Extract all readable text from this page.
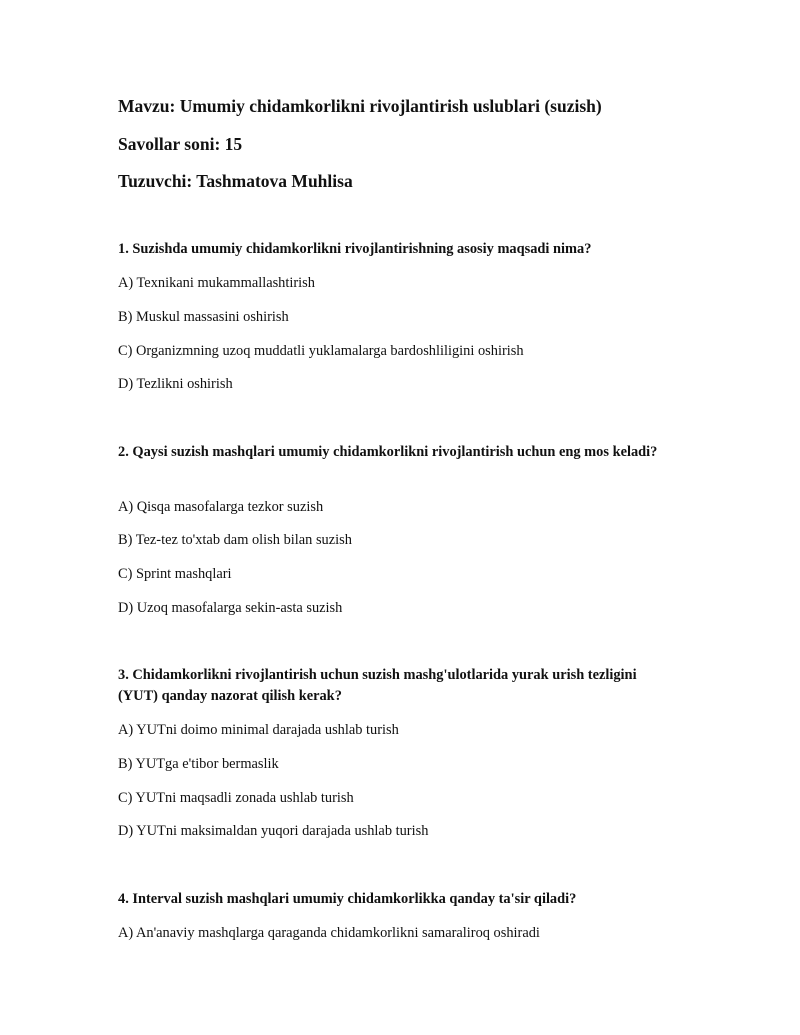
Mavzu: Umumiy chidamkorlikni rivojlantirish uslublari (suzish)
Savollar soni: 15
Tuzuvchi: Tashmatova Muhlisa
1. Suzishda umumiy chidamkorlikni rivojlantirishning asosiy maqsadi nima?
A) Texnikani mukammallashtirish
B) Muskul massasini oshirish
C) Organizmning uzoq muddatli yuklamalarga bardoshliligini oshirish
D) Tezlikni oshirish
2. Qaysi suzish mashqlari umumiy chidamkorlikni rivojlantirish uchun eng mos keladi?
A) Qisqa masofalarga tezkor suzish
B) Tez-tez to'xtab dam olish bilan suzish
C) Sprint mashqlari
D) Uzoq masofalarga sekin-asta suzish
3. Chidamkorlikni rivojlantirish uchun suzish mashg'ulotlarida yurak urish tezligini (YUT) qanday nazorat qilish kerak?
A) YUTni doimo minimal darajada ushlab turish
B) YUTga e'tibor bermaslik
C) YUTni maqsadli zonada ushlab turish
D) YUTni maksimaldan yuqori darajada ushlab turish
4. Interval suzish mashqlari umumiy chidamkorlikka qanday ta'sir qiladi?
A) An'anaviy mashqlarga qaraganda chidamkorlikni samaraliroq oshiradi
